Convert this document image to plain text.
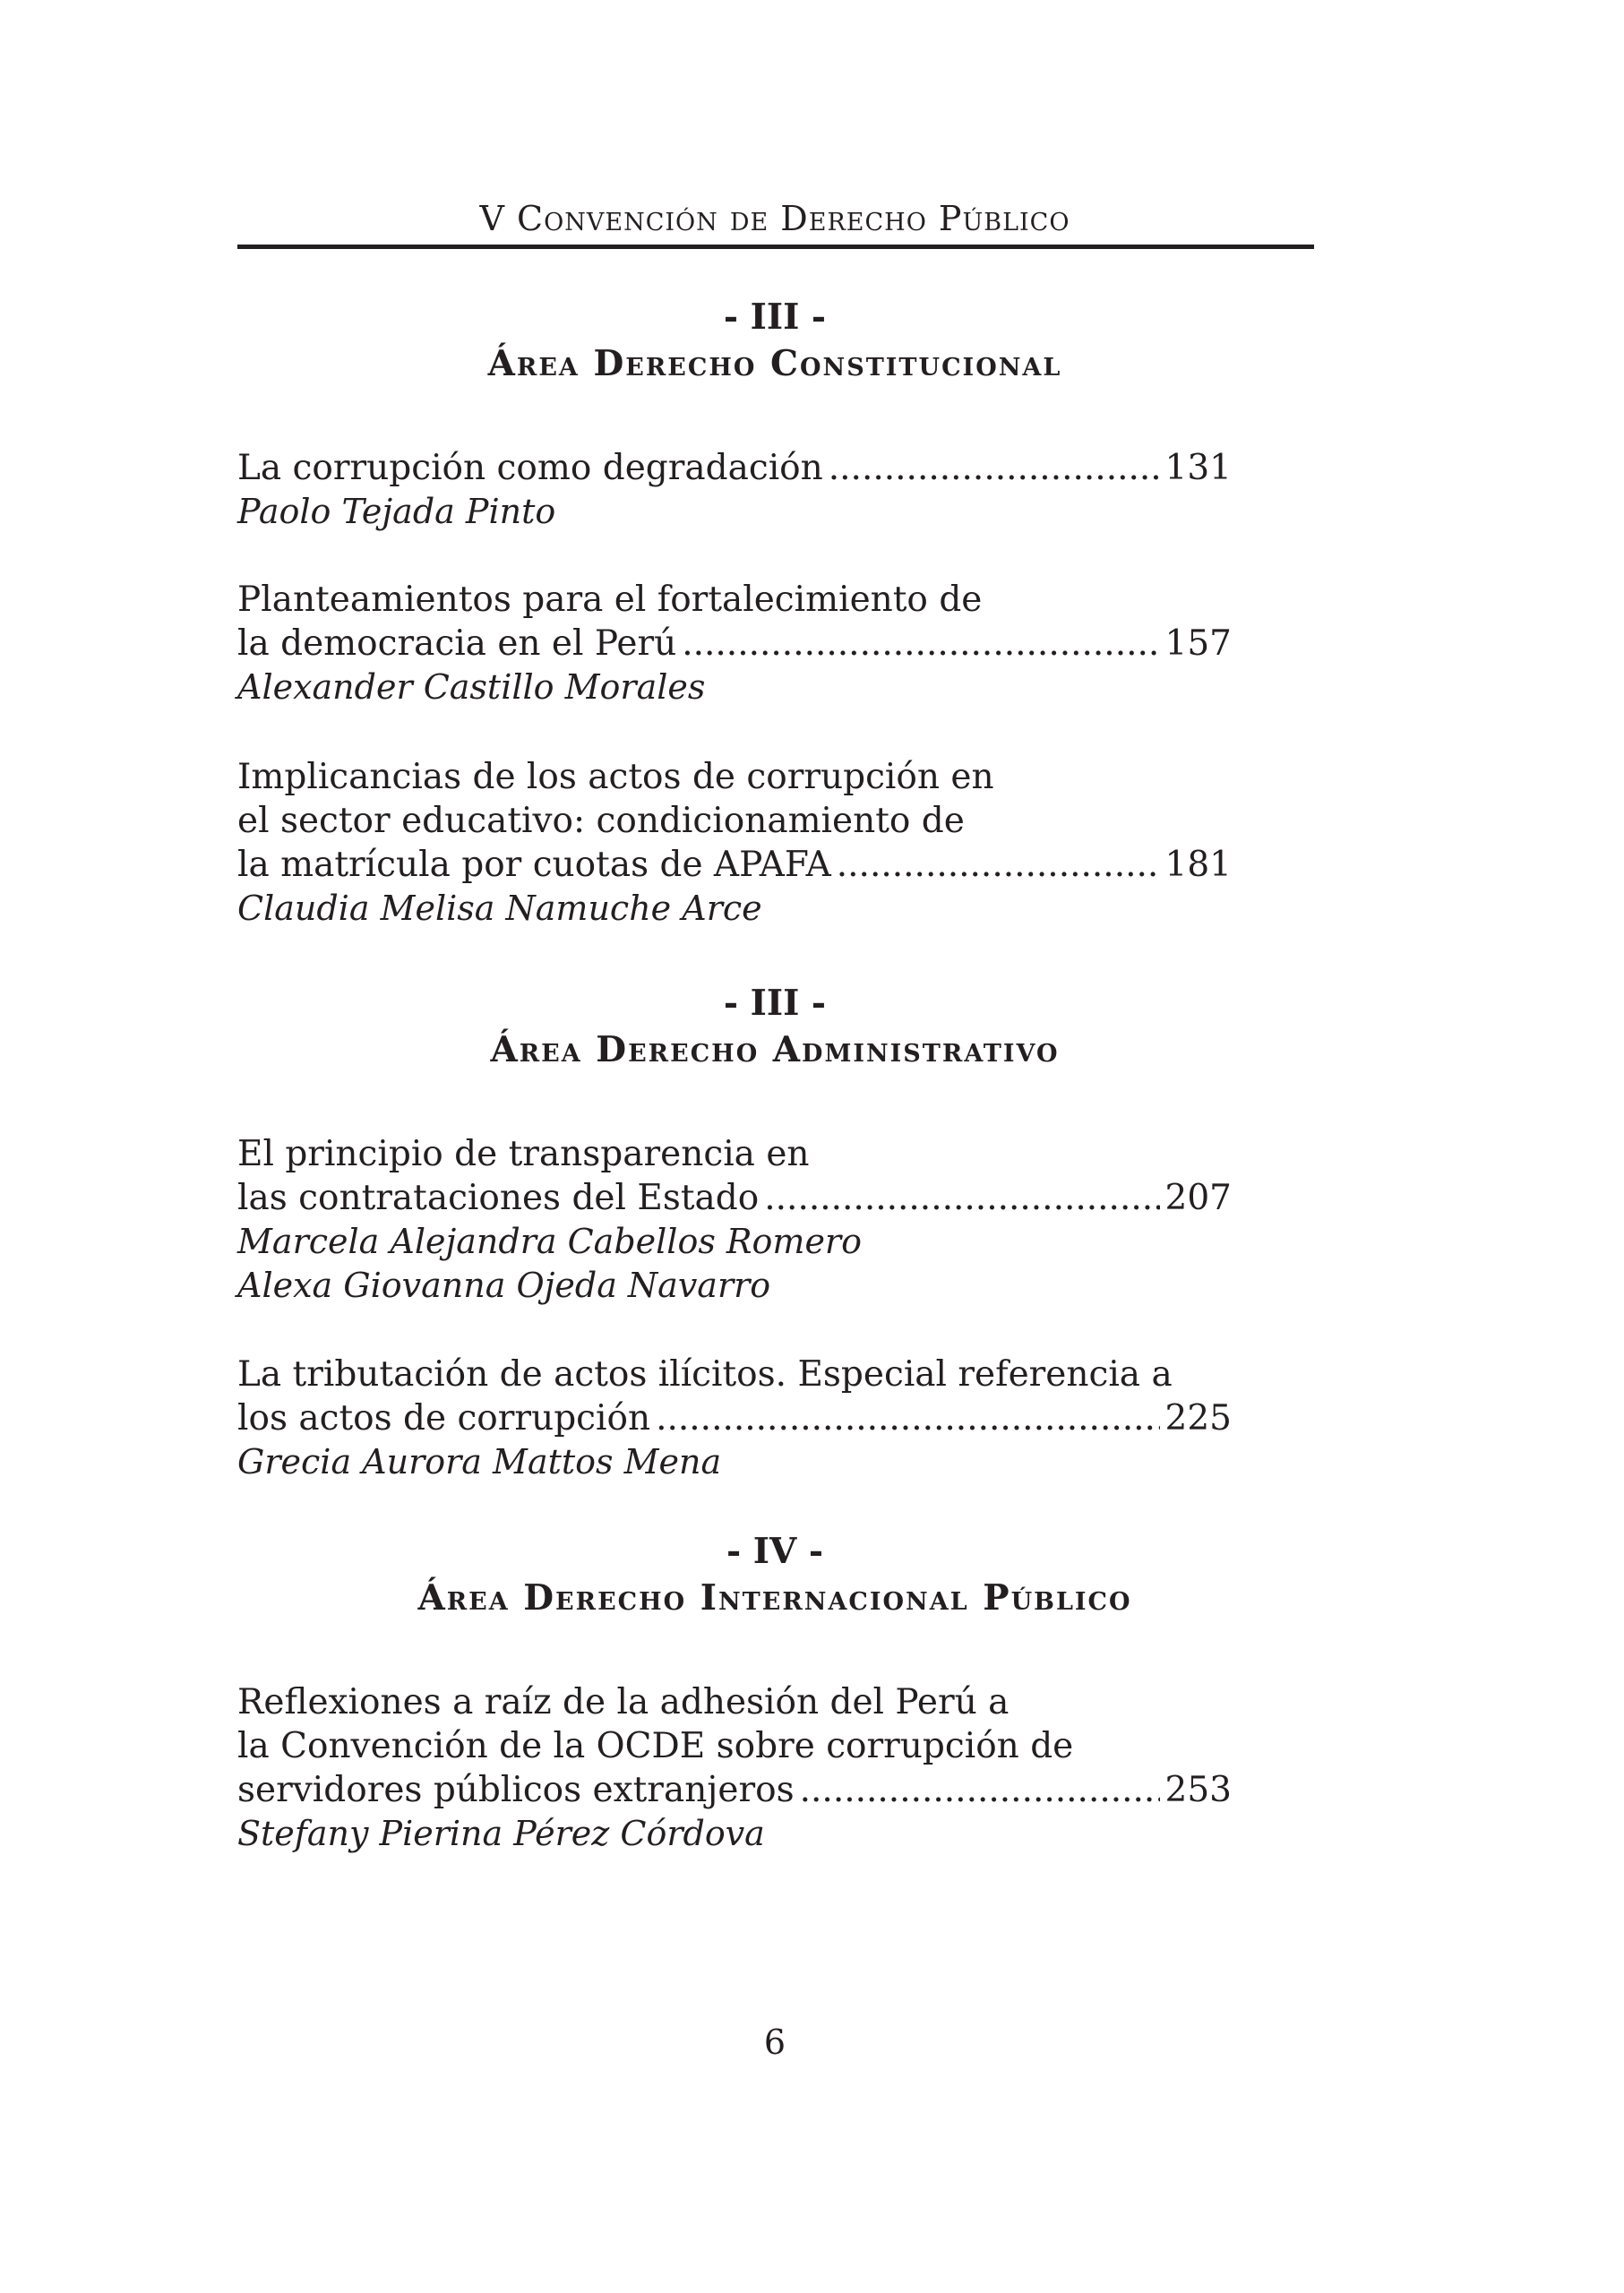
V Convención de Derecho Público
- III -
Área Derecho Constitucional
La corrupción como degradación .....	131
Paolo Tejada Pinto
Planteamientos para el fortalecimiento de
la democracia en el Perú .....	157
Alexander Castillo Morales
Implicancias de los actos de corrupción en
el sector educativo: condicionamiento de
la matrícula por cuotas de APAFA .....	181
Claudia Melisa Namuche Arce
- III -
Área Derecho Administrativo
El principio de transparencia en
las contrataciones del Estado .....	207
Marcela Alejandra Cabellos Romero
Alexa Giovanna Ojeda Navarro
La tributación de actos ilícitos. Especial referencia a
los actos de corrupción .....	225
Grecia Aurora Mattos Mena
- IV -
Área Derecho Internacional Público
Reflexiones a raíz de la adhesión del Perú a
la Convención de la OCDE sobre corrupción de
servidores públicos extranjeros .....	253
Stefany Pierina Pérez Córdova
6
